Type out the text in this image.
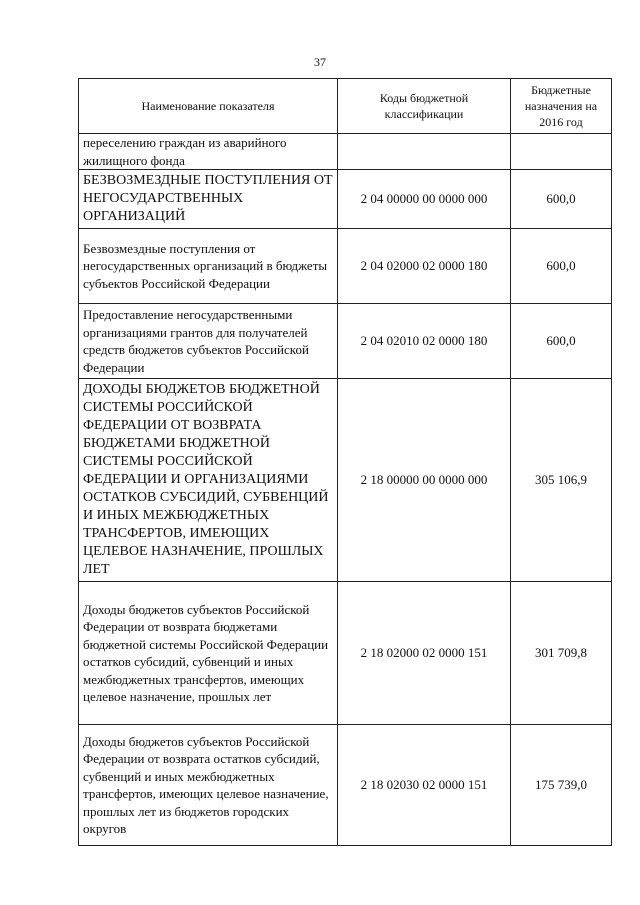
37
Наименование показателя	Коды бюджетной классификации	Бюджетные назначения на 2016 год
переселению граждан из аварийного жилищного фонда		
БЕЗВОЗМЕЗДНЫЕ ПОСТУПЛЕНИЯ ОТ НЕГОСУДАРСТВЕННЫХ ОРГАНИЗАЦИЙ	2 04 00000 00 0000 000	600,0
Безвозмездные поступления от негосударственных организаций в бюджеты субъектов Российской Федерации	2 04 02000 02 0000 180	600,0
Предоставление негосударственными организациями грантов для получателей средств бюджетов субъектов Российской Федерации	2 04 02010 02 0000 180	600,0
ДОХОДЫ БЮДЖЕТОВ БЮДЖЕТНОЙ СИСТЕМЫ РОССИЙСКОЙ ФЕДЕРАЦИИ ОТ ВОЗВРАТА БЮДЖЕТАМИ БЮДЖЕТНОЙ СИСТЕМЫ РОССИЙСКОЙ ФЕДЕРАЦИИ И ОРГАНИЗАЦИЯМИ ОСТАТКОВ СУБСИДИЙ, СУБВЕНЦИЙ И ИНЫХ МЕЖБЮДЖЕТНЫХ ТРАНСФЕРТОВ, ИМЕЮЩИХ ЦЕЛЕВОЕ НАЗНАЧЕНИЕ, ПРОШЛЫХ ЛЕТ	2 18 00000 00 0000 000	305 106,9
Доходы бюджетов субъектов Российской Федерации от возврата бюджетами бюджетной системы Российской Федерации остатков субсидий, субвенций и иных межбюджетных трансфертов, имеющих целевое назначение, прошлых лет	2 18 02000 02 0000 151	301 709,8
Доходы бюджетов субъектов Российской Федерации от возврата остатков субсидий, субвенций и иных межбюджетных трансфертов, имеющих целевое назначение, прошлых лет из бюджетов городских округов	2 18 02030 02 0000 151	175 739,0
